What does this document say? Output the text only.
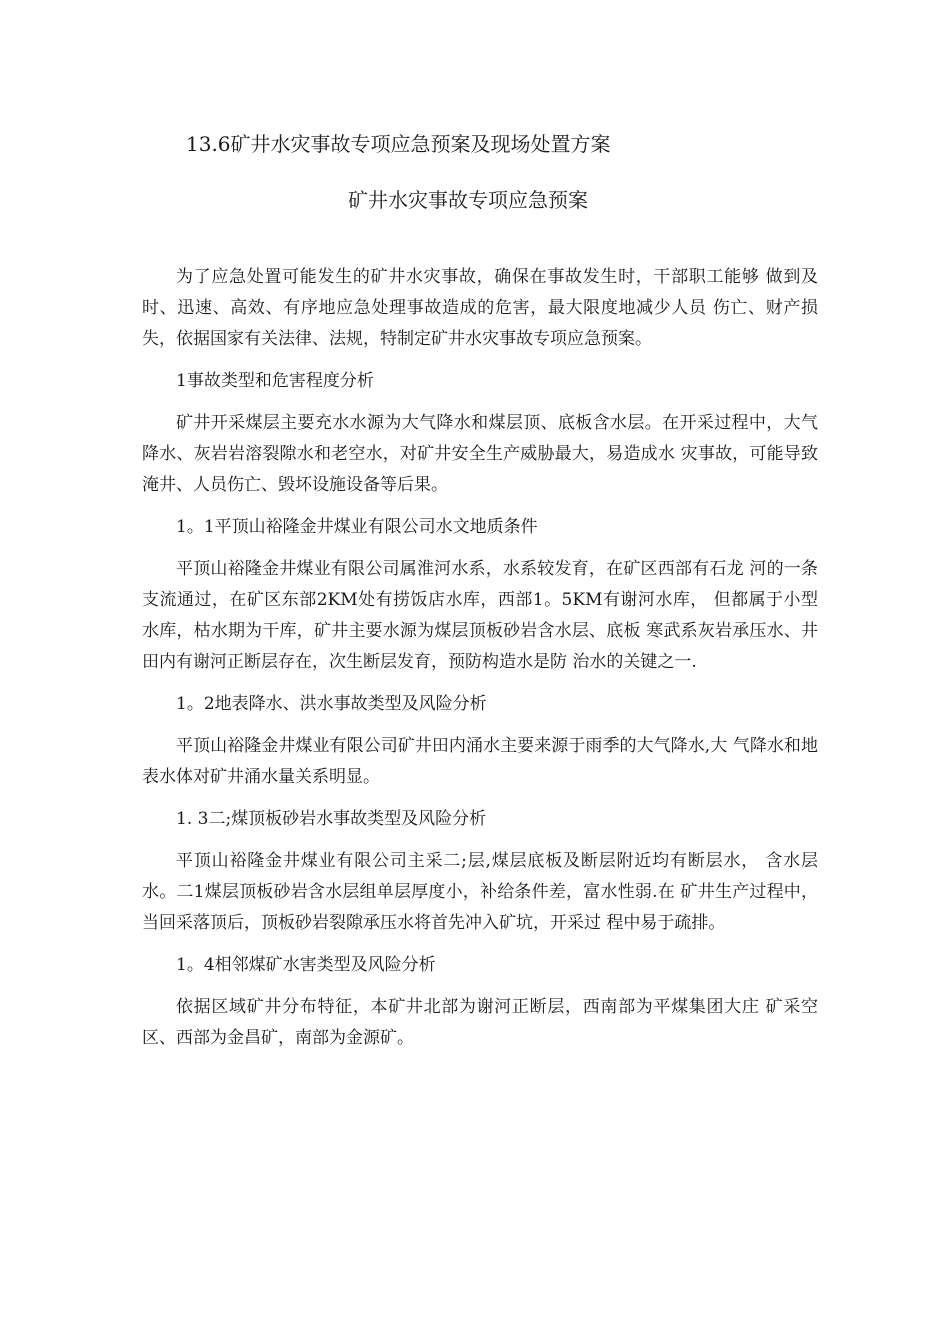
13.6矿井水灾事故专项应急预案及现场处置方案
矿井水灾事故专项应急预案

为了应急处置可能发生的矿井水灾事故，确保在事故发生时，干部职工能够 做到及时、迅速、高效、有序地应急处理事故造成的危害，最大限度地减少人员 伤亡、财产损失，依据国家有关法律、法规，特制定矿井水灾事故专项应急预案。

1事故类型和危害程度分析

矿井开采煤层主要充水水源为大气降水和煤层顶、底板含水层。在开采过程中，大气降水、灰岩岩溶裂隙水和老空水，对矿井安全生产威胁最大，易造成水 灾事故，可能导致淹井、人员伤亡、毁坏设施设备等后果。

1。1平顶山裕隆金井煤业有限公司水文地质条件

平顶山裕隆金井煤业有限公司属淮河水系，水系较发育，在矿区西部有石龙 河的一条支流通过，在矿区东部2KM处有捞饭店水库，西部1。5KM有谢河水库， 但都属于小型水库，枯水期为干库，矿井主要水源为煤层顶板砂岩含水层、底板 寒武系灰岩承压水、井田内有谢河正断层存在，次生断层发育，预防构造水是防 治水的关键之一.

1。2地表降水、洪水事故类型及风险分析

平顶山裕隆金井煤业有限公司矿井田内涌水主要来源于雨季的大气降水,大 气降水和地表水体对矿井涌水量关系明显。

1. 3二;煤顶板砂岩水事故类型及风险分析

平顶山裕隆金井煤业有限公司主采二;层,煤层底板及断层附近均有断层水， 含水层水。二1煤层顶板砂岩含水层组单层厚度小，补给条件差，富水性弱.在 矿井生产过程中，当回采落顶后，顶板砂岩裂隙承压水将首先冲入矿坑，开采过 程中易于疏排。

1。4相邻煤矿水害类型及风险分析

依据区域矿井分布特征，本矿井北部为谢河正断层，西南部为平煤集团大庄 矿采空区、西部为金昌矿，南部为金源矿。
